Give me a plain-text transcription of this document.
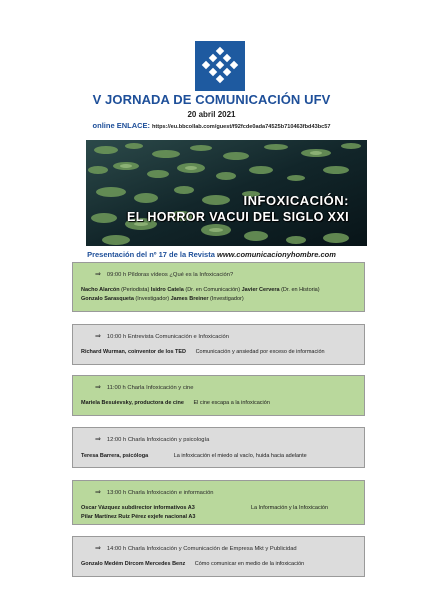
V JORNADA DE COMUNICACIÓN UFV
20 abril 2021
online ENLACE: https://eu.bbcollab.com/guest/f92fcde0ada74525b710463fbd43bc57
INFOXICACIÓN:
EL HORROR VACUI DEL SIGLO XXI
Presentación del nº 17 de la Revista www.comunicacionyhombre.com
⇒ 09:00 h Píldoras vídeos ¿Qué es la Infoxicación?
Nacho Alarcón (Periodista) Isidro Catela (Dr. en Comunicación) Javier Cervera (Dr. en Historia)
Gonzalo Sarasqueta (Investigador) James Breiner (Investigador)
⇒ 10:00 h Entrevista Comunicación e Infoxicación
Richard Wurman, coinventor de los TED Comunicación y ansiedad por exceso de información
⇒ 11:00 h Charla Infoxicación y cine
Mariela Besuievsky, productora de cine El cine escapa a la infoxicación
⇒ 12:00 h Charla Infoxicación y psicología
Teresa Barrera, psicóloga	La infoxicación el miedo al vacío, huida hacia adelante
⇒ 13:00 h Charla Infoxicación e información
Oscar Vázquez subdirector informativos A3	La Información y la Infoxicación
Pilar Martínez Ruiz Pérez exjefe nacional A3
⇒ 14:00 h Charla Infoxicación y Comunicación de Empresa Mkt y Publicidad
Gonzalo Medém Dircom Mercedes Benz Cómo comunicar en medio de la infoxicación
